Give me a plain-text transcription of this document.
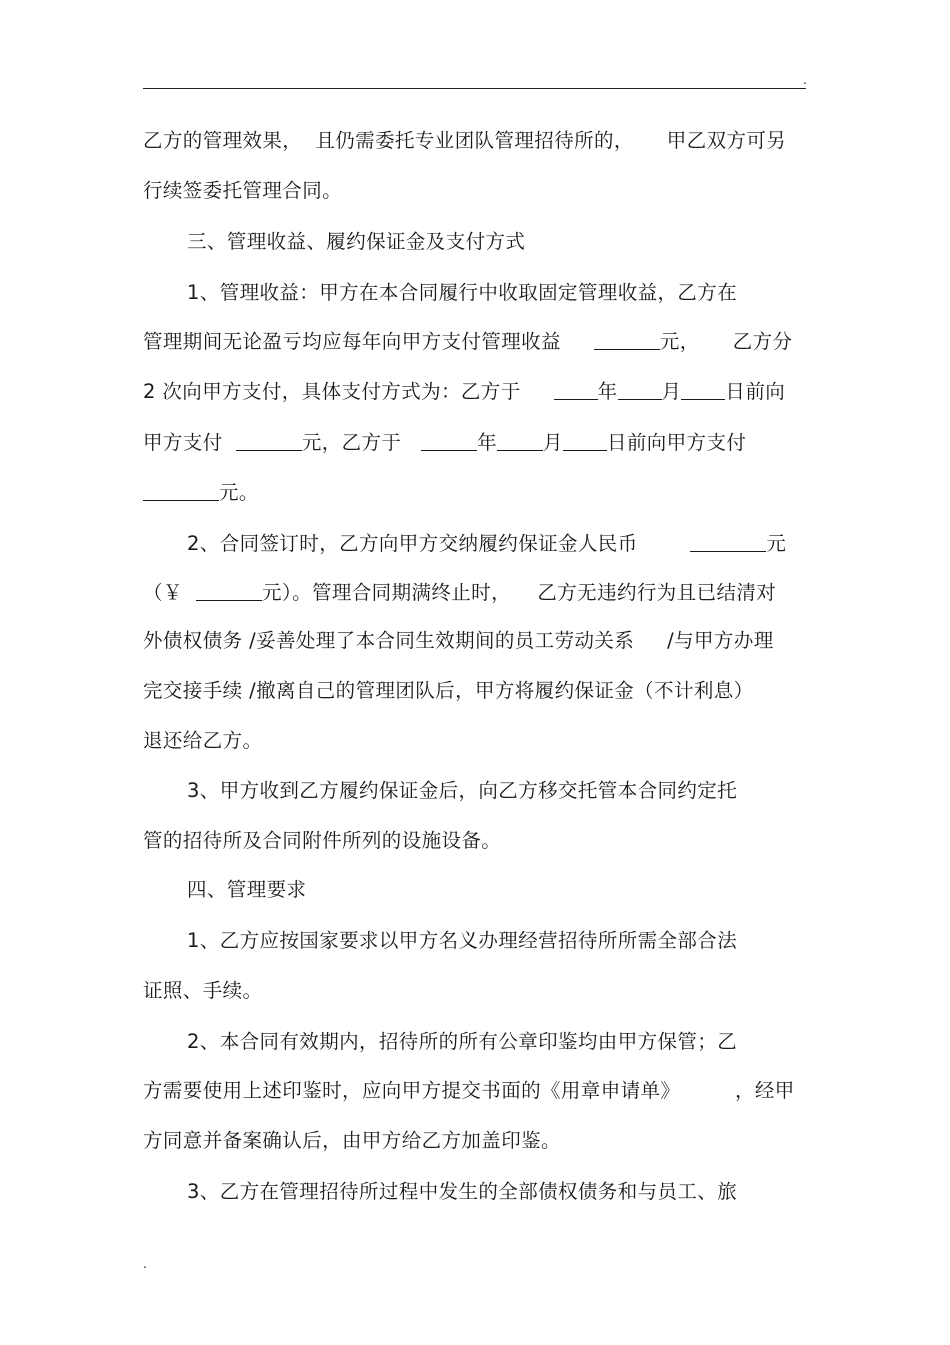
.
乙方的管理效果，  且仍需委托专业团队管理招待所的，     甲乙双方可另
行续签委托管理合同。
三、管理收益、履约保证金及支付方式
1、管理收益：甲方在本合同履行中收取固定管理收益，乙方在
管理期间无论盈亏均应每年向甲方支付管理收益	元， 乙方分
2 次向甲方支付，具体支付方式为：乙方于	年 月 日前向
甲方支付	元，乙方于	年 月 日前向甲方支付
元。
2、合同签订时，乙方向甲方交纳履约保证金人民币	元
（￥	元）。管理合同期满终止时， 乙方无违约行为且已结清对
外债权债务 /妥善处理了本合同生效期间的员工劳动关系     /与甲方办理
完交接手续 /撤离自己的管理团队后，甲方将履约保证金（不计利息）
退还给乙方。
3、甲方收到乙方履约保证金后，向乙方移交托管本合同约定托
管的招待所及合同附件所列的设施设备。
四、管理要求
1、乙方应按国家要求以甲方名义办理经营招待所所需全部合法
证照、手续。
2、本合同有效期内，招待所的所有公章印鉴均由甲方保管；乙
方需要使用上述印鉴时，应向甲方提交书面的《用章申请单》	，经甲
方同意并备案确认后，由甲方给乙方加盖印鉴。
3、乙方在管理招待所过程中发生的全部债权债务和与员工、旅
.
